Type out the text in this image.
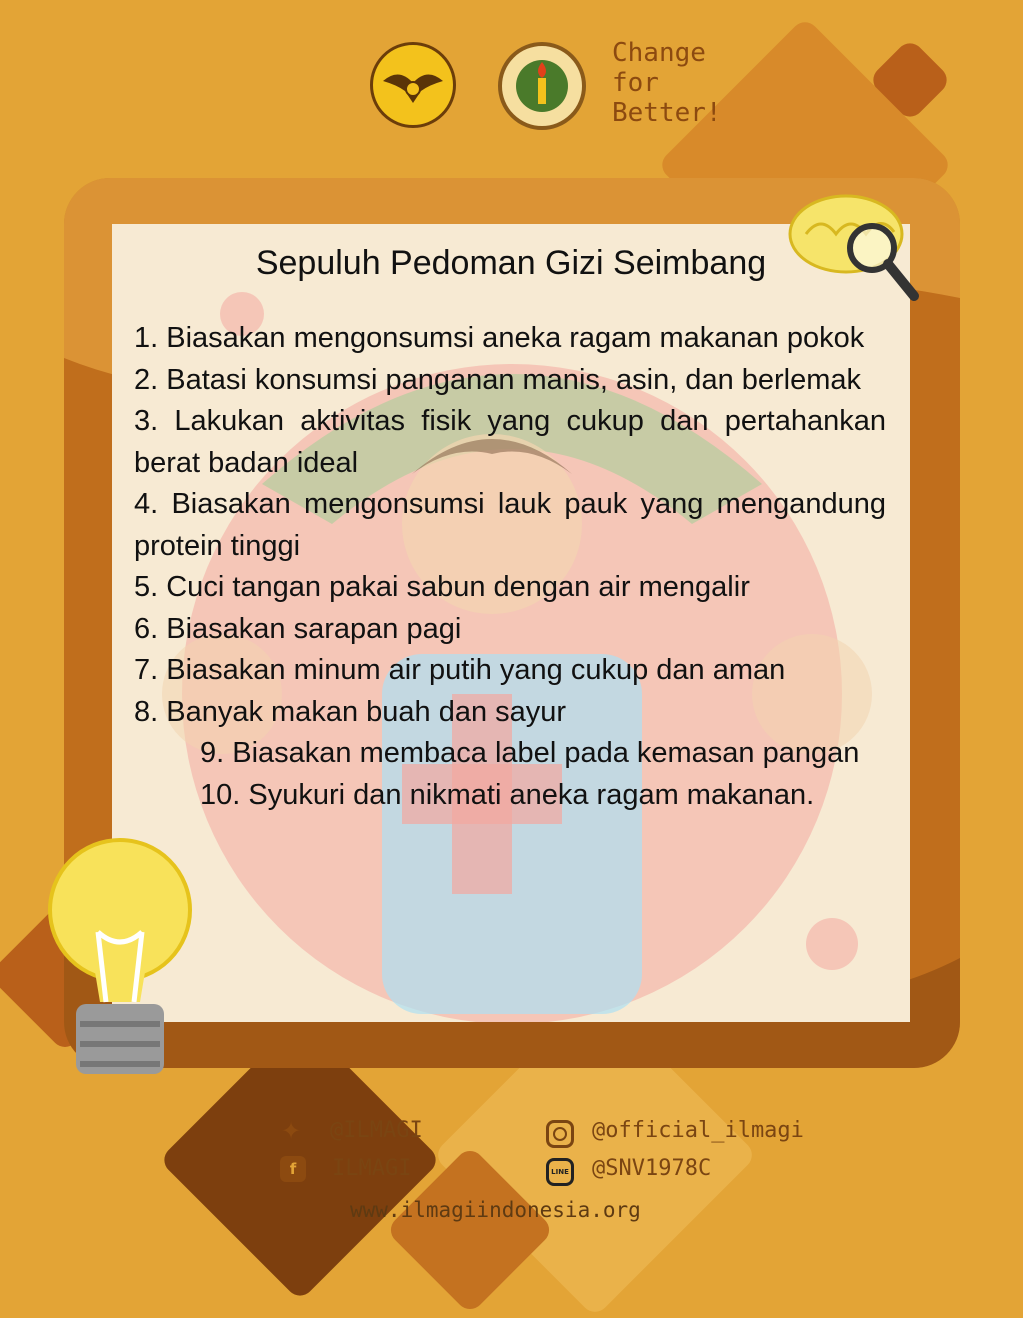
Change
for
Better!
Sepuluh Pedoman Gizi Seimbang
1. Biasakan mengonsumsi aneka ragam makanan pokok
2. Batasi konsumsi panganan manis, asin, dan berlemak
3. Lakukan aktivitas fisik yang cukup dan pertahankan berat badan ideal
4. Biasakan mengonsumsi lauk pauk yang mengandung protein tinggi
5. Cuci tangan pakai sabun dengan air mengalir
6. Biasakan sarapan pagi
7. Biasakan minum air putih yang cukup dan aman
8. Banyak makan buah dan sayur
9. Biasakan membaca label pada kemasan pangan
10. Syukuri dan nikmati aneka ragam makanan.
✦ @ILMAGI
f	ILMAGI
@official_ilmagi
LINE @SNV1978C
www.ilmagiindonesia.org
